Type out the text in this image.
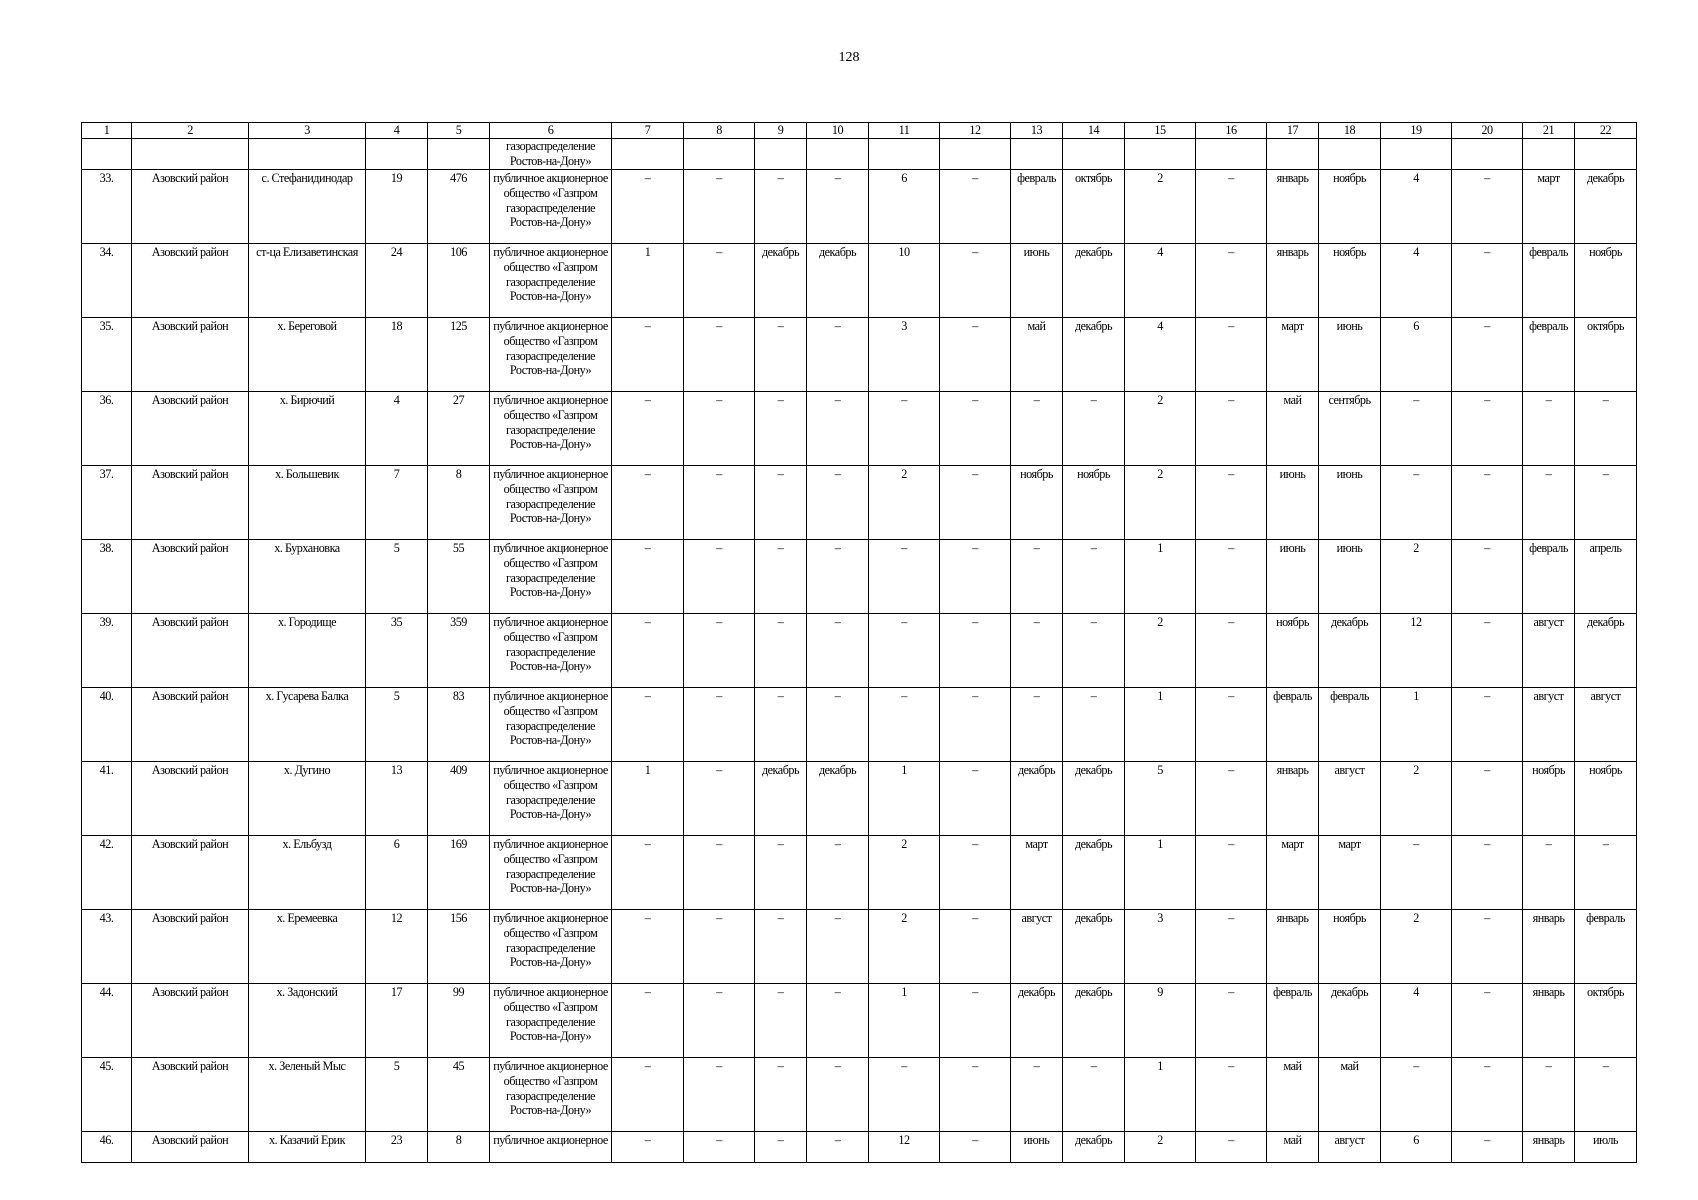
128
1	2	3	4	5	6	7	8	9	10	11	12	13	14	15	16	17	18	19	20	21	22
					газораспределение Ростов-на-Дону»																
33.	Азовский район	с. Стефанидинодар	19	476	публичное акционерное общество «Газпром газораспределение Ростов-на-Дону»	–	–	–	–	6	–	февраль	октябрь	2	–	январь	ноябрь	4	–	март	декабрь
34.	Азовский район	ст-ца Елизаветинская	24	106	публичное акционерное общество «Газпром газораспределение Ростов-на-Дону»	1	–	декабрь	декабрь	10	–	июнь	декабрь	4	–	январь	ноябрь	4	–	февраль	ноябрь
35.	Азовский район	х. Береговой	18	125	публичное акционерное общество «Газпром газораспределение Ростов-на-Дону»	–	–	–	–	3	–	май	декабрь	4	–	март	июнь	6	–	февраль	октябрь
36.	Азовский район	х. Бирючий	4	27	публичное акционерное общество «Газпром газораспределение Ростов-на-Дону»	–	–	–	–	–	–	–	–	2	–	май	сентябрь	–	–	–	–
37.	Азовский район	х. Большевик	7	8	публичное акционерное общество «Газпром газораспределение Ростов-на-Дону»	–	–	–	–	2	–	ноябрь	ноябрь	2	–	июнь	июнь	–	–	–	–
38.	Азовский район	х. Бурхановка	5	55	публичное акционерное общество «Газпром газораспределение Ростов-на-Дону»	–	–	–	–	–	–	–	–	1	–	июнь	июнь	2	–	февраль	апрель
39.	Азовский район	х. Городище	35	359	публичное акционерное общество «Газпром газораспределение Ростов-на-Дону»	–	–	–	–	–	–	–	–	2	–	ноябрь	декабрь	12	–	август	декабрь
40.	Азовский район	х. Гусарева Балка	5	83	публичное акционерное общество «Газпром газораспределение Ростов-на-Дону»	–	–	–	–	–	–	–	–	1	–	февраль	февраль	1	–	август	август
41.	Азовский район	х. Дугино	13	409	публичное акционерное общество «Газпром газораспределение Ростов-на-Дону»	1	–	декабрь	декабрь	1	–	декабрь	декабрь	5	–	январь	август	2	–	ноябрь	ноябрь
42.	Азовский район	х. Ельбузд	6	169	публичное акционерное общество «Газпром газораспределение Ростов-на-Дону»	–	–	–	–	2	–	март	декабрь	1	–	март	март	–	–	–	–
43.	Азовский район	х. Еремеевка	12	156	публичное акционерное общество «Газпром газораспределение Ростов-на-Дону»	–	–	–	–	2	–	август	декабрь	3	–	январь	ноябрь	2	–	январь	февраль
44.	Азовский район	х. Задонский	17	99	публичное акционерное общество «Газпром газораспределение Ростов-на-Дону»	–	–	–	–	1	–	декабрь	декабрь	9	–	февраль	декабрь	4	–	январь	октябрь
45.	Азовский район	х. Зеленый Мыс	5	45	публичное акционерное общество «Газпром газораспределение Ростов-на-Дону»	–	–	–	–	–	–	–	–	1	–	май	май	–	–	–	–
46.	Азовский район	х. Казачий Ерик	23	8	публичное акционерное	–	–	–	–	12	–	июнь	декабрь	2	–	май	август	6	–	январь	июль
